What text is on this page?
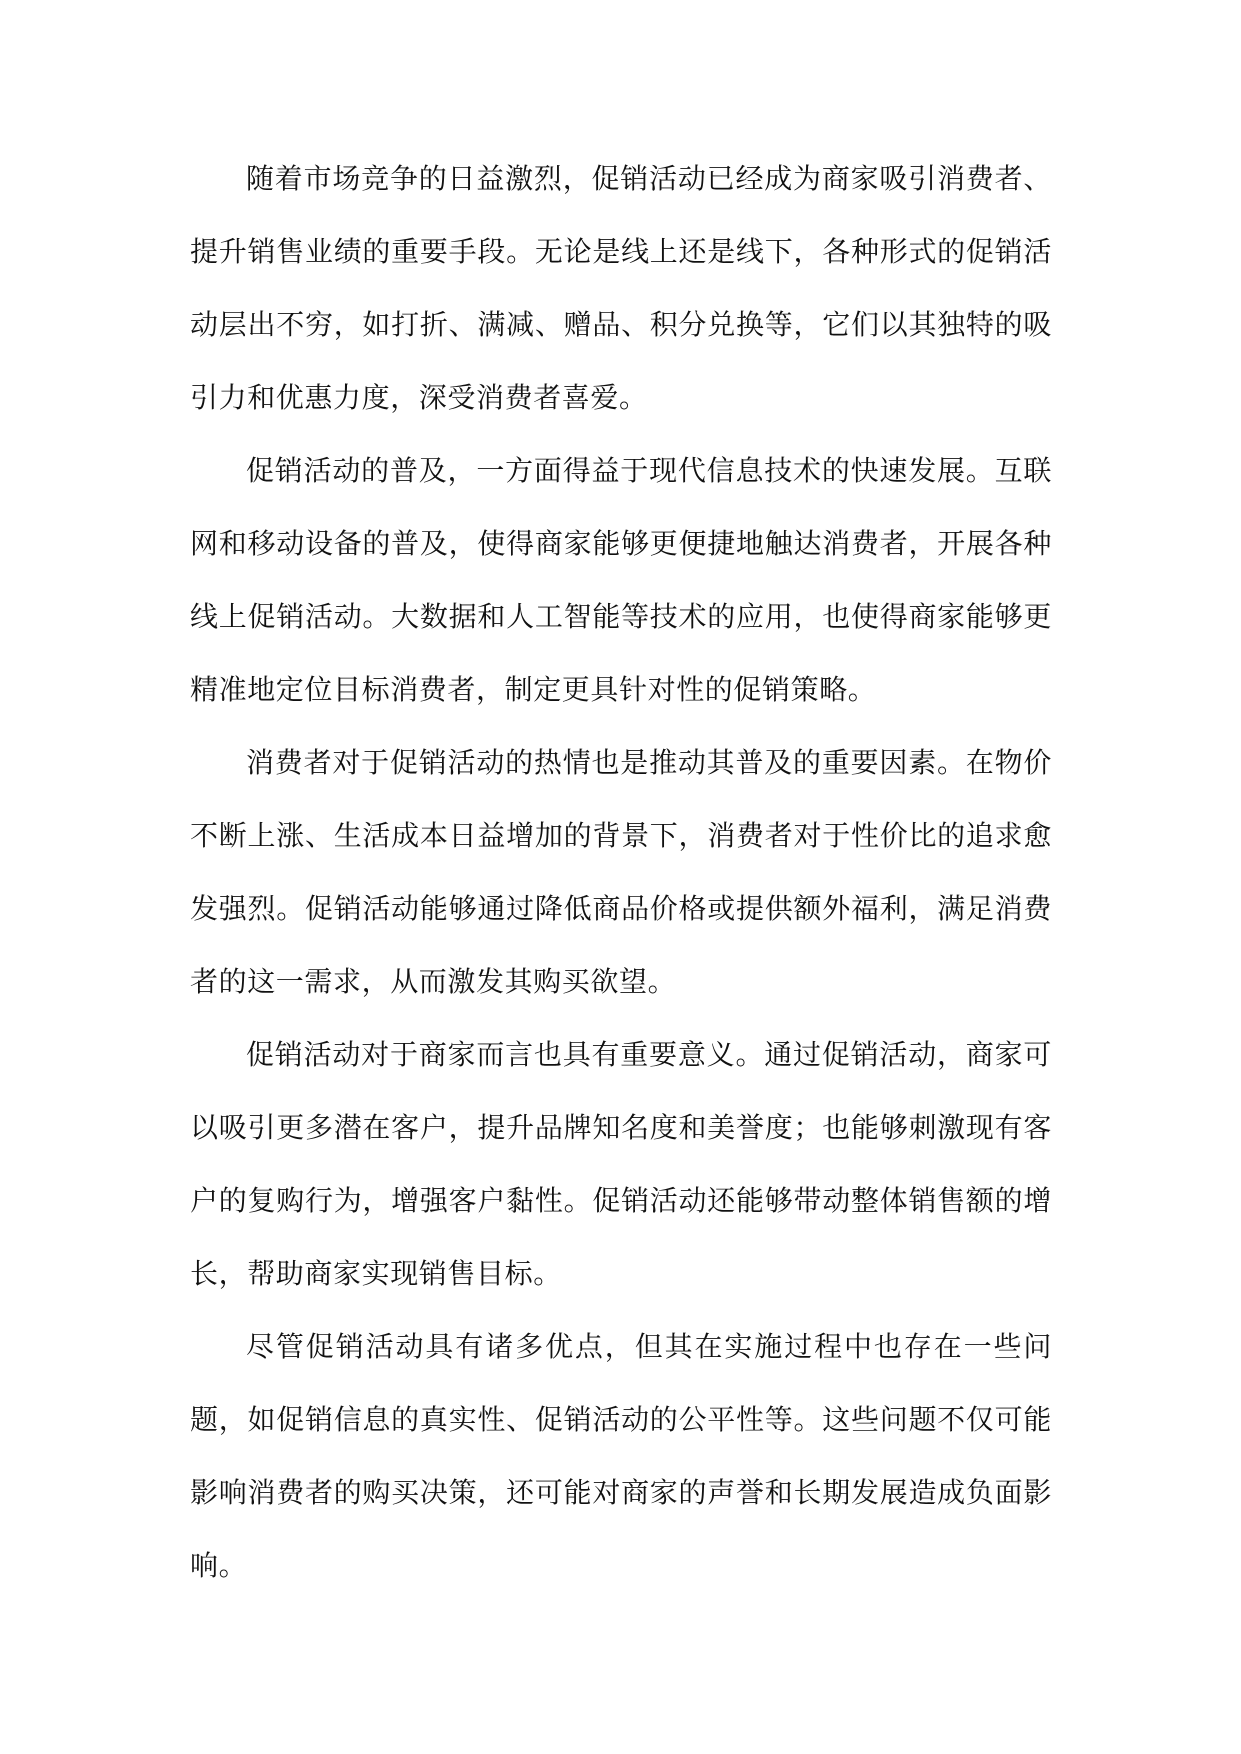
随着市场竞争的日益激烈，促销活动已经成为商家吸引消费者、提升销售业绩的重要手段。无论是线上还是线下，各种形式的促销活动层出不穷，如打折、满减、赠品、积分兑换等，它们以其独特的吸引力和优惠力度，深受消费者喜爱。

促销活动的普及，一方面得益于现代信息技术的快速发展。互联网和移动设备的普及，使得商家能够更便捷地触达消费者，开展各种线上促销活动。大数据和人工智能等技术的应用，也使得商家能够更精准地定位目标消费者，制定更具针对性的促销策略。

消费者对于促销活动的热情也是推动其普及的重要因素。在物价不断上涨、生活成本日益增加的背景下，消费者对于性价比的追求愈发强烈。促销活动能够通过降低商品价格或提供额外福利，满足消费者的这一需求，从而激发其购买欲望。

促销活动对于商家而言也具有重要意义。通过促销活动，商家可以吸引更多潜在客户，提升品牌知名度和美誉度；也能够刺激现有客户的复购行为，增强客户黏性。促销活动还能够带动整体销售额的增长，帮助商家实现销售目标。

尽管促销活动具有诸多优点，但其在实施过程中也存在一些问题，如促销信息的真实性、促销活动的公平性等。这些问题不仅可能影响消费者的购买决策，还可能对商家的声誉和长期发展造成负面影响。
